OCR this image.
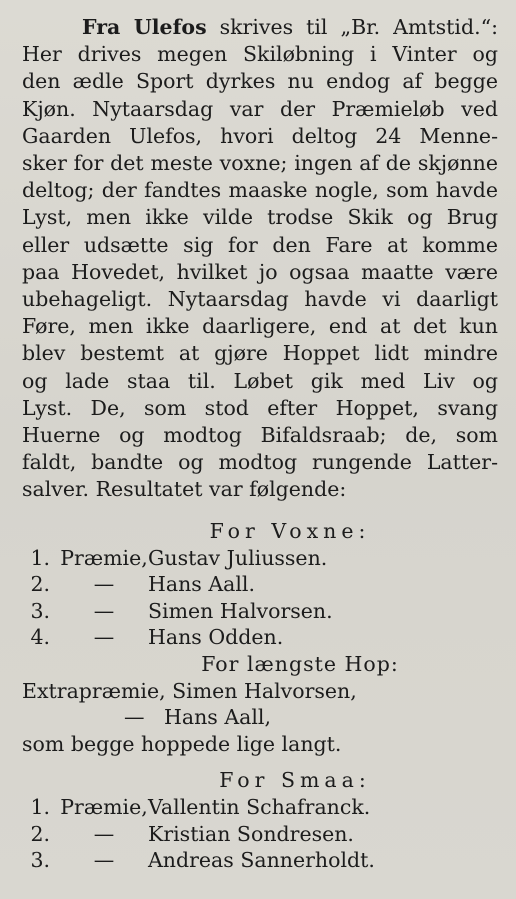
Fra Ulefos skrives til „Br. Amtstid.“:

Her drives megen Skiløbning i Vinter og

den ædle Sport dyrkes nu endog af begge

Kjøn. Nytaarsdag var der Præmieløb ved

Gaarden Ulefos, hvori deltog 24 Menne-

sker for det meste voxne; ingen af de skjønne

deltog; der fandtes maaske nogle, som havde

Lyst, men ikke vilde trodse Skik og Brug

eller udsætte sig for den Fare at komme

paa Hovedet, hvilket jo ogsaa maatte være

ubehageligt. Nytaarsdag havde vi daarligt

Føre, men ikke daarligere, end at det kun

blev bestemt at gjøre Hoppet lidt mindre

og lade staa til. Løbet gik med Liv og

Lyst. De, som stod efter Hoppet, svang

Huerne og modtog Bifaldsraab; de, som

faldt, bandte og modtog rungende Latter-

salver. Resultatet var følgende:

For Voxne:

1. Præmie, Gustav Juliussen.
2.	—	Hans Aall.
3.	—	Simen Halvorsen.
4.	—	Hans Odden.

For længste Hop:

Extrapræmie, Simen Halvorsen,

— Hans Aall,

som begge hoppede lige langt.

For Smaa:

1. Præmie, Vallentin Schafranck.
2.	—	Kristian Sondresen.
3.	—	Andreas Sannerholdt.
